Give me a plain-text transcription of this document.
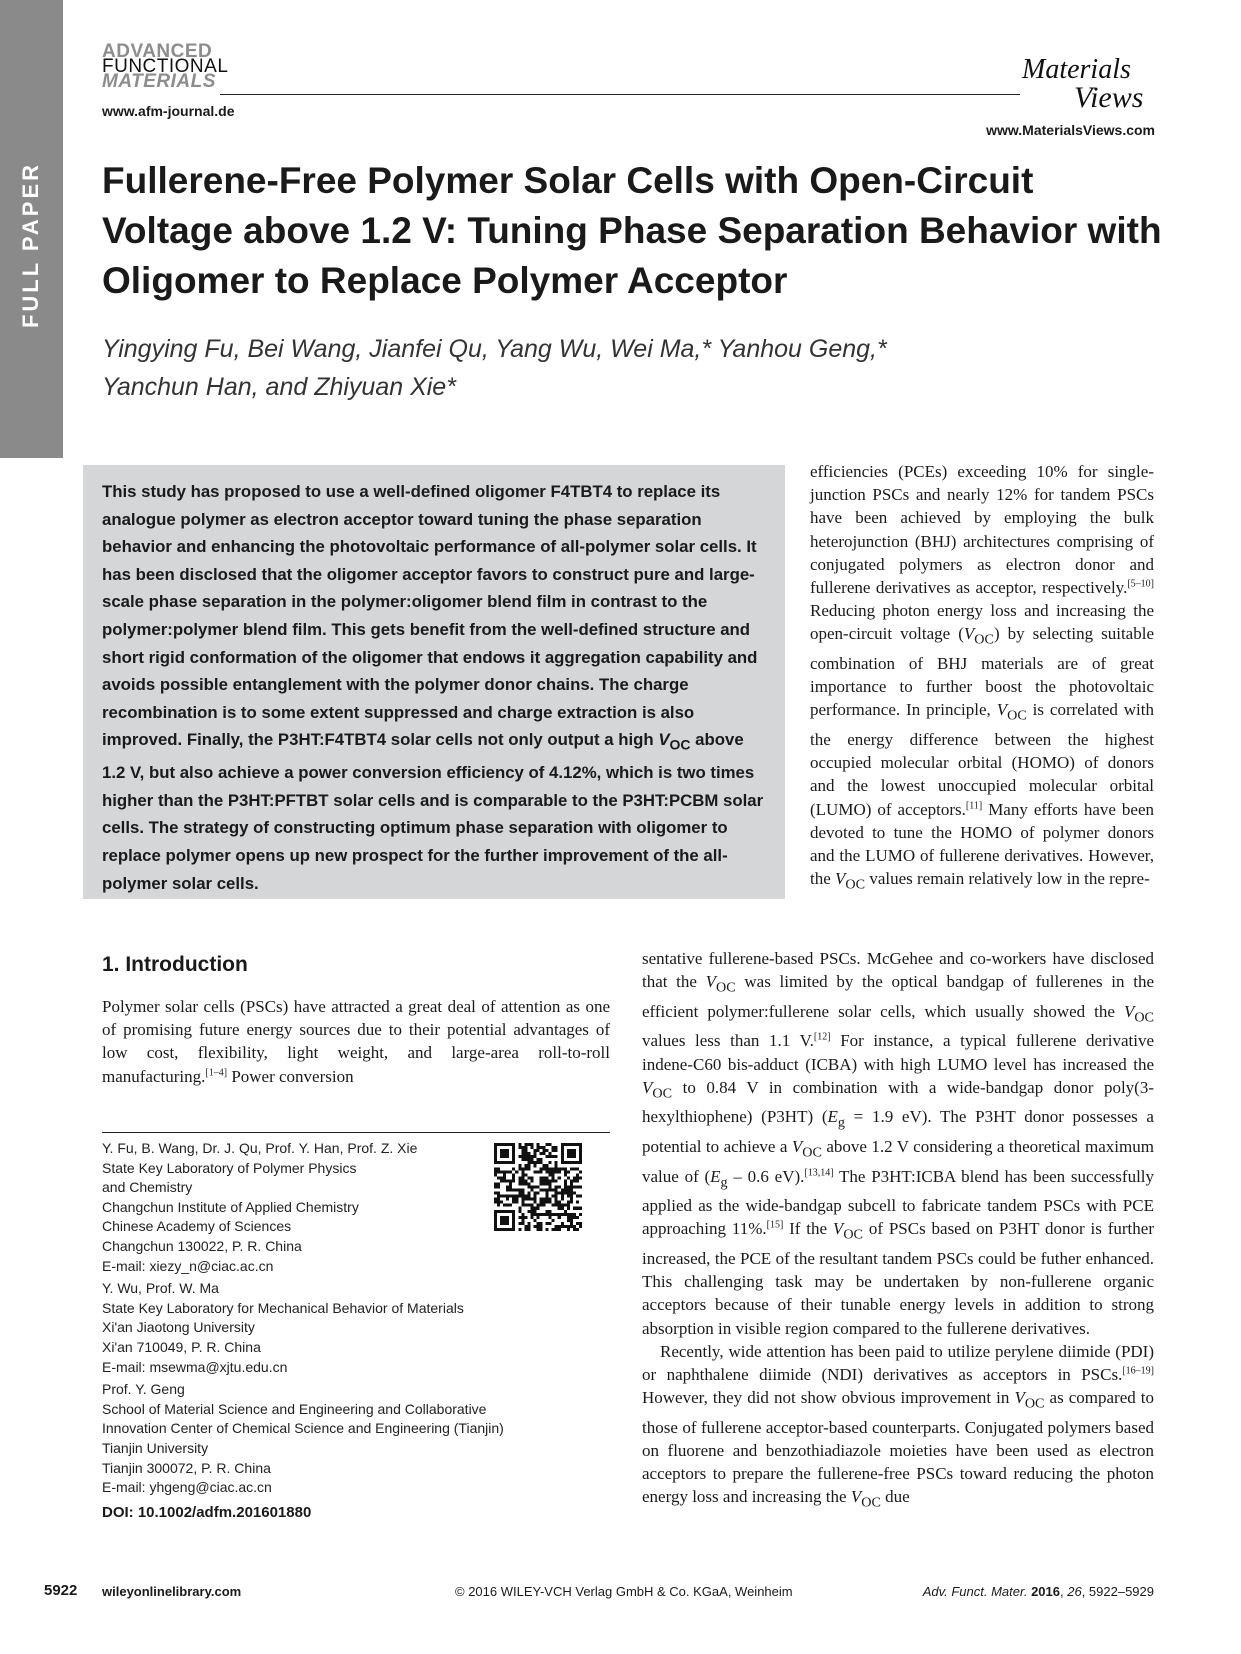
FULL PAPER
ADVANCED
FUNCTIONAL
MATERIALS
www.afm-journal.de
Materials
Views
www.MaterialsViews.com
Fullerene-Free Polymer Solar Cells with Open-Circuit Voltage above 1.2 V: Tuning Phase Separation Behavior with Oligomer to Replace Polymer Acceptor
Yingying Fu, Bei Wang, Jianfei Qu, Yang Wu, Wei Ma,* Yanhou Geng,*
Yanchun Han, and Zhiyuan Xie*
This study has proposed to use a well-defined oligomer F4TBT4 to replace its analogue polymer as electron acceptor toward tuning the phase separation behavior and enhancing the photovoltaic performance of all-polymer solar cells. It has been disclosed that the oligomer acceptor favors to construct pure and large-scale phase separation in the polymer:oligomer blend film in contrast to the polymer:polymer blend film. This gets benefit from the well-defined structure and short rigid conformation of the oligomer that endows it aggregation capability and avoids possible entanglement with the polymer donor chains. The charge recombination is to some extent suppressed and charge extraction is also improved. Finally, the P3HT:F4TBT4 solar cells not only output a high $V_{OC}$ above 1.2 V, but also achieve a power conversion efficiency of 4.12%, which is two times higher than the P3HT:PFTBT solar cells and is comparable to the P3HT:PCBM solar cells. The strategy of constructing optimum phase separation with oligomer to replace polymer opens up new prospect for the further improvement of the all-polymer solar cells.

efficiencies (PCEs) exceeding 10% for single-junction PSCs and nearly 12% for tandem PSCs have been achieved by employing the bulk heterojunction (BHJ) architectures comprising of conjugated polymers as electron donor and fullerene derivatives as acceptor, respectively.[5–10] Reducing photon energy loss and increasing the open-circuit voltage $(V_{OC})$ by selecting suitable combination of BHJ materials are of great importance to further boost the photovoltaic performance. In principle, $V_{OC}$ is correlated with the energy difference between the highest occupied molecular orbital (HOMO) of donors and the lowest unoccupied molecular orbital (LUMO) of acceptors.[11] Many efforts have been devoted to tune the HOMO of polymer donors and the LUMO of fullerene derivatives. However, the $V_{OC}$ values remain relatively low in the repre-

1. Introduction

Polymer solar cells (PSCs) have attracted a great deal of attention as one of promising future energy sources due to their potential advantages of low cost, flexibility, light weight, and large-area roll-to-roll manufacturing.[1–4] Power conversion

sentative fullerene-based PSCs. McGehee and co-workers have disclosed that the $V_{OC}$ was limited by the optical bandgap of fullerenes in the efficient polymer:fullerene solar cells, which usually showed the $V_{OC}$ values less than 1.1 V.[12] For instance, a typical fullerene derivative indene-C60 bis-adduct (ICBA) with high LUMO level has increased the $V_{OC}$ to 0.84 V in combination with a wide-bandgap donor poly(3-hexylthiophene) (P3HT) ($E_g = 1.9$ eV). The P3HT donor possesses a potential to achieve a $V_{OC}$ above 1.2 V considering a theoretical maximum value of ($E_g - 0.6$ eV).[13,14] The P3HT:ICBA blend has been successfully applied as the wide-bandgap subcell to fabricate tandem PSCs with PCE approaching 11%.[15] If the $V_{OC}$ of PSCs based on P3HT donor is further increased, the PCE of the resultant tandem PSCs could be futher enhanced. This challenging task may be undertaken by non-fullerene organic acceptors because of their tunable energy levels in addition to strong absorption in visible region compared to the fullerene derivatives.

Recently, wide attention has been paid to utilize perylene diimide (PDI) or naphthalene diimide (NDI) derivatives as acceptors in PSCs.[16–19] However, they did not show obvious improvement in $V_{OC}$ as compared to those of fullerene acceptor-based counterparts. Conjugated polymers based on fluorene and benzothiadiazole moieties have been used as electron acceptors to prepare the fullerene-free PSCs toward reducing the photon energy loss and increasing the $V_{OC}$ due

Y. Fu, B. Wang, Dr. J. Qu, Prof. Y. Han, Prof. Z. Xie
State Key Laboratory of Polymer Physics
and Chemistry
Changchun Institute of Applied Chemistry
Chinese Academy of Sciences
Changchun 130022, P. R. China
E-mail: xiezy_n@ciac.ac.cn
Y. Wu, Prof. W. Ma
State Key Laboratory for Mechanical Behavior of Materials
Xi'an Jiaotong University
Xi'an 710049, P. R. China
E-mail: msewma@xjtu.edu.cn
Prof. Y. Geng
School of Material Science and Engineering and Collaborative
Innovation Center of Chemical Science and Engineering (Tianjin)
Tianjin University
Tianjin 300072, P. R. China
E-mail: yhgeng@ciac.ac.cn
DOI: 10.1002/adfm.201601880
5922 wileyonlinelibrary.com	© 2016 WILEY-VCH Verlag GmbH & Co. KGaA, Weinheim	Adv. Funct. Mater. 2016, 26, 5922–5929
